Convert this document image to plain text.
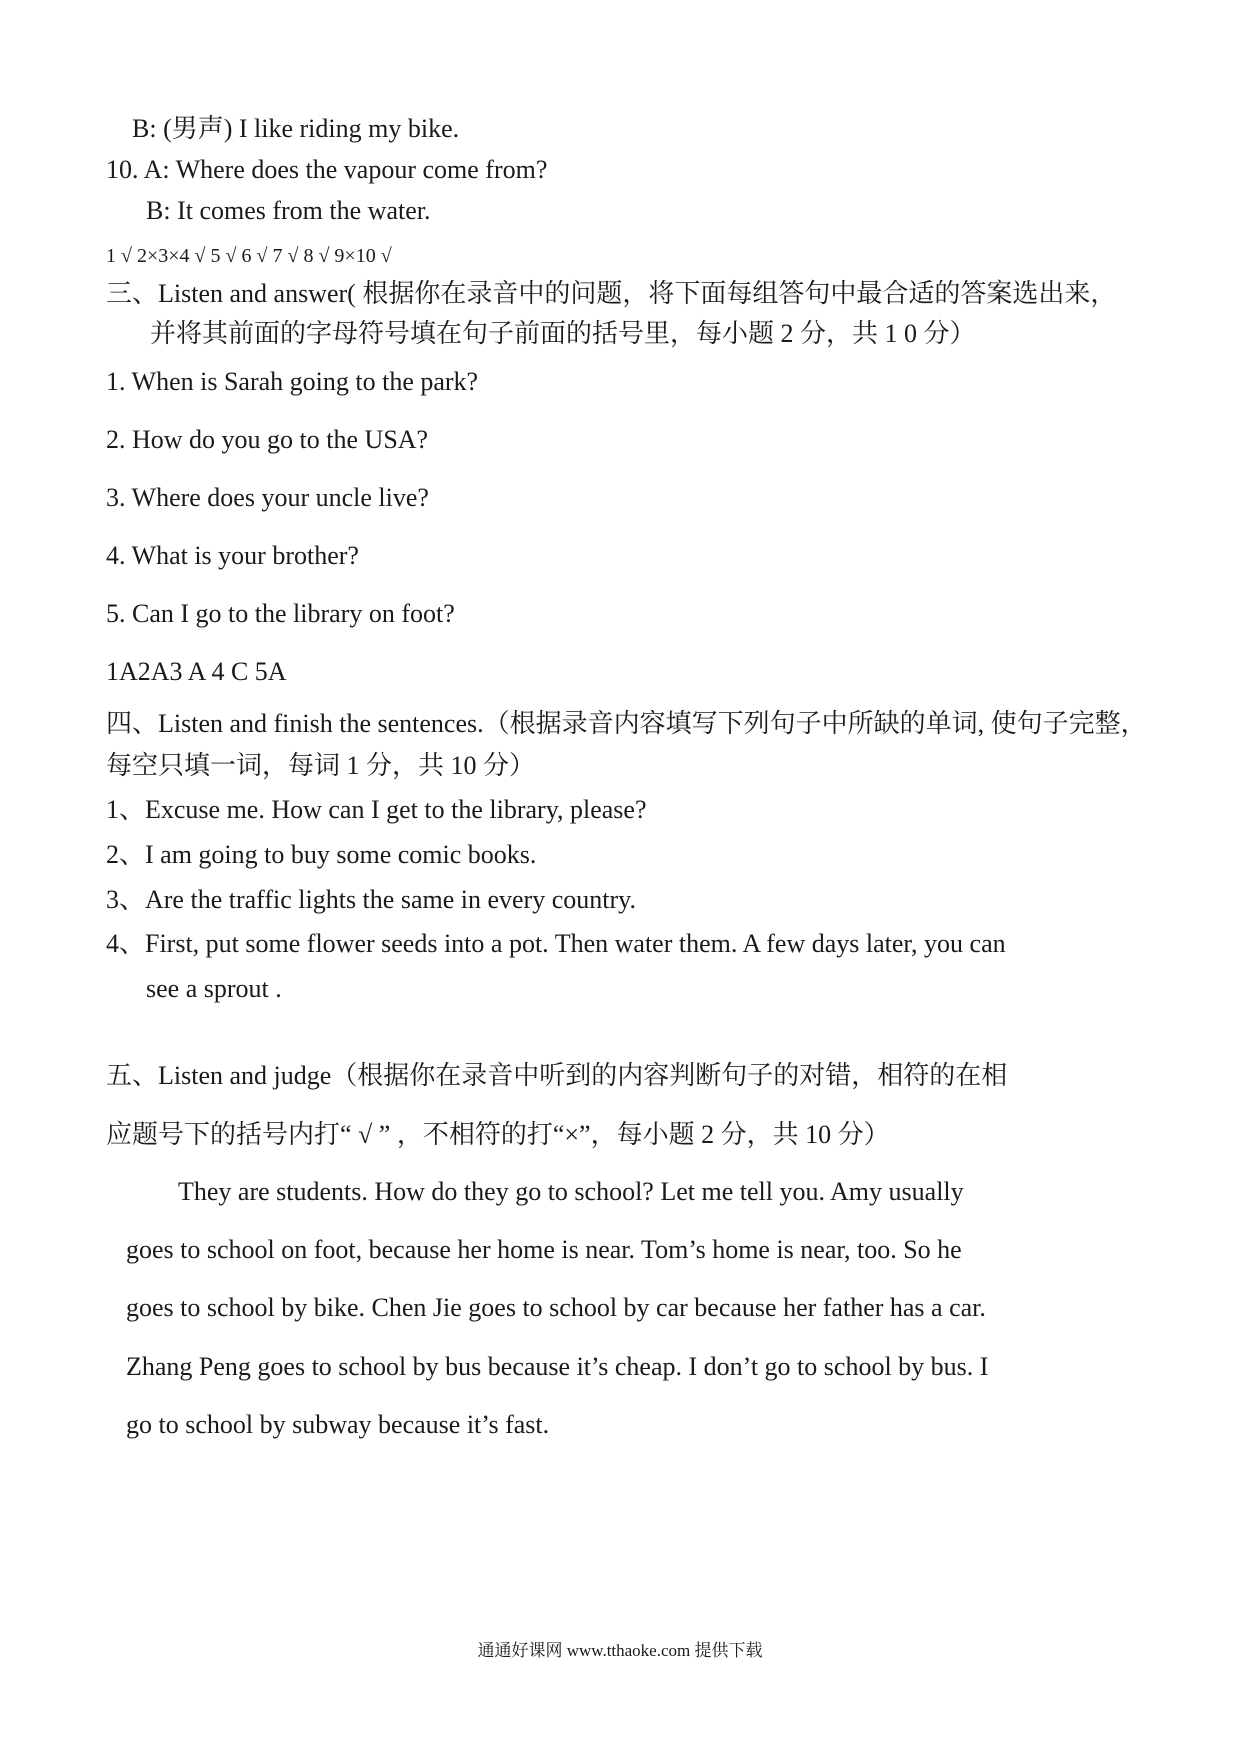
B: (男声) I like riding my bike.
10. A: Where does the vapour come from?
B: It comes from the water.
1 √ 2×3×4 √ 5 √ 6 √ 7 √ 8 √ 9×10 √
三、Listen and answer( 根据你在录音中的问题，将下面每组答句中最合适的答案选出来，
并将其前面的字母符号填在句子前面的括号里，每小题 2 分，共 1 0 分）
1. When is Sarah going to the park?
2. How do you go to the USA?
3. Where does your uncle live?
4. What is your brother?
5. Can I go to the library on foot?
1A2A3 A 4 C 5A
四、Listen and finish the sentences.（根据录音内容填写下列句子中所缺的单词, 使句子完整，
每空只填一词，每词 1 分，共 10 分）
1、Excuse me. How can I get to the library, please?
2、I am going to buy some comic books.
3、Are the traffic lights the same in every country.
4、First, put some flower seeds into a pot. Then water them. A few days later, you can
see a sprout .
五、Listen and judge（根据你在录音中听到的内容判断句子的对错，相符的在相
应题号下的括号内打“ √ ” ，不相符的打“×”，每小题 2 分，共 10 分）
They are students. How do they go to school? Let me tell you. Amy usually
goes to school on foot, because her home is near. Tom’s home is near, too. So he
goes to school by bike. Chen Jie goes to school by car because her father has a car.
Zhang Peng goes to school by bus because it’s cheap. I don’t go to school by bus. I
go to school by subway because it’s fast.
通通好课网 www.tthaoke.com 提供下载
